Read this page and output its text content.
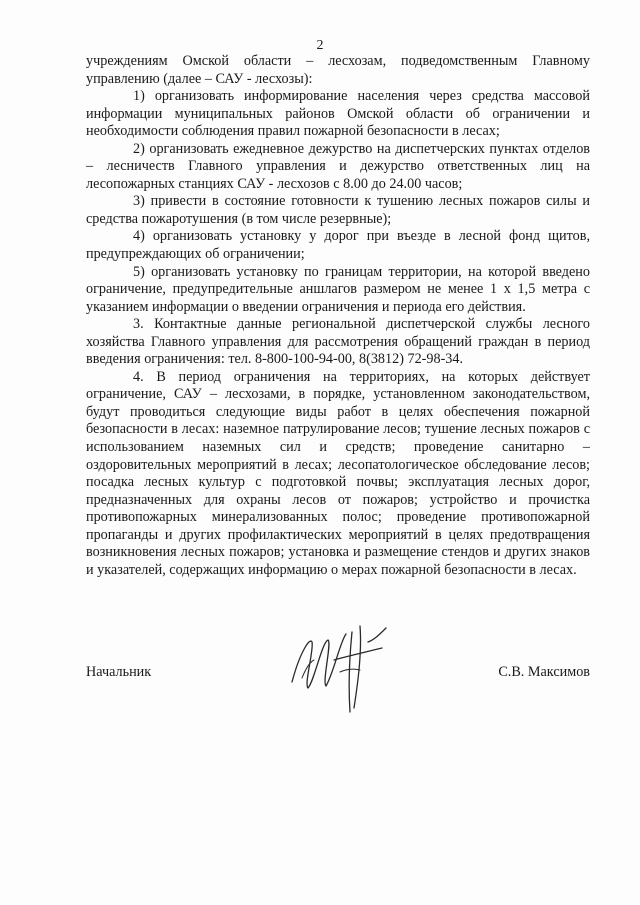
2

учреждениям Омской области – лесхозам, подведомственным Главному управлению (далее – САУ - лесхозы):

1) организовать информирование населения через средства массовой информации муниципальных районов Омской области об ограничении и необходимости соблюдения правил пожарной безопасности в лесах;

2) организовать ежедневное дежурство на диспетчерских пунктах отделов – лесничеств Главного управления и дежурство ответственных лиц на лесопожарных станциях САУ - лесхозов с 8.00 до 24.00 часов;

3) привести в состояние готовности к тушению лесных пожаров силы и средства пожаротушения (в том числе резервные);

4) организовать установку у дорог при въезде в лесной фонд щитов, предупреждающих об ограничении;

5) организовать установку по границам территории, на которой введено ограничение, предупредительные аншлагов размером не менее 1 х 1,5 метра с указанием информации о введении ограничения и периода его действия.

3. Контактные данные региональной диспетчерской службы лесного хозяйства Главного управления для рассмотрения обращений граждан в период введения ограничения: тел. 8-800-100-94-00, 8(3812) 72-98-34.

4. В период ограничения на территориях, на которых действует ограничение, САУ – лесхозами, в порядке, установленном законодательством, будут проводиться следующие виды работ в целях обеспечения пожарной безопасности в лесах: наземное патрулирование лесов; тушение лесных пожаров с использованием наземных сил и средств; проведение санитарно – оздоровительных мероприятий в лесах; лесопатологическое обследование лесов; посадка лесных культур с подготовкой почвы; эксплуатация лесных дорог, предназначенных для охраны лесов от пожаров; устройство и прочистка противопожарных минерализованных полос; проведение противопожарной пропаганды и других профилактических мероприятий в целях предотвращения возникновения лесных пожаров; установка и размещение стендов и других знаков и указателей, содержащих информацию о мерах пожарной безопасности в лесах.

Начальник	С.В. Максимов
